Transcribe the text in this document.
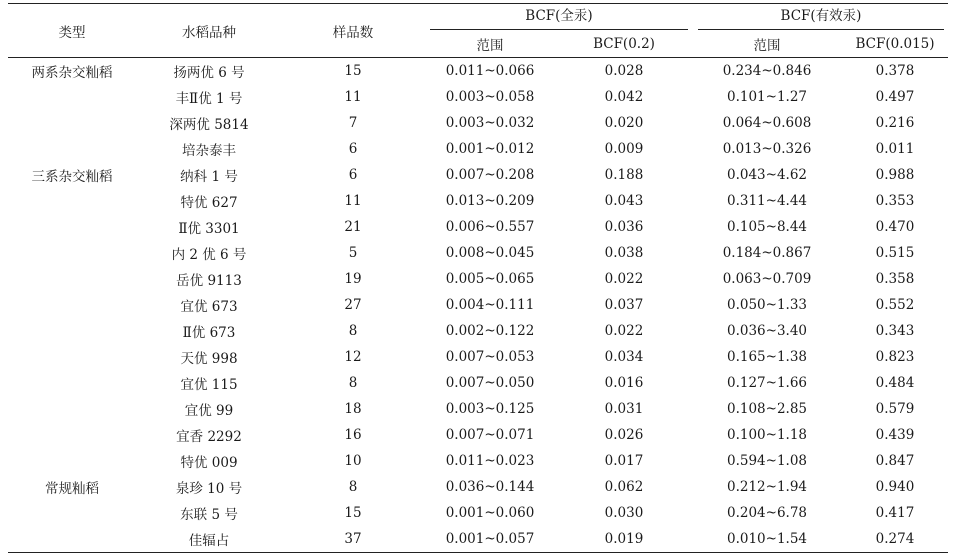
类型	水稻品种	样品数	BCF(全汞)		BCF(有效汞)	

			范围	BCF(0.2)	范围	BCF(0.015)
两系杂交籼稻	扬两优 6 号	15	0.011~0.066	0.028	0.234~0.846	0.378
	丰Ⅱ优 1 号	11	0.003~0.058	0.042	0.101~1.27	0.497
	深两优 5814	7	0.003~0.032	0.020	0.064~0.608	0.216
	培杂泰丰	6	0.001~0.012	0.009	0.013~0.326	0.011
三系杂交籼稻	纳科 1 号	6	0.007~0.208	0.188	0.043~4.62	0.988
	特优 627	11	0.013~0.209	0.043	0.311~4.44	0.353
	Ⅱ优 3301	21	0.006~0.557	0.036	0.105~8.44	0.470
	内 2 优 6 号	5	0.008~0.045	0.038	0.184~0.867	0.515
	岳优 9113	19	0.005~0.065	0.022	0.063~0.709	0.358
	宜优 673	27	0.004~0.111	0.037	0.050~1.33	0.552
	Ⅱ优 673	8	0.002~0.122	0.022	0.036~3.40	0.343
	天优 998	12	0.007~0.053	0.034	0.165~1.38	0.823
	宜优 115	8	0.007~0.050	0.016	0.127~1.66	0.484
	宜优 99	18	0.003~0.125	0.031	0.108~2.85	0.579
	宜香 2292	16	0.007~0.071	0.026	0.100~1.18	0.439
	特优 009	10	0.011~0.023	0.017	0.594~1.08	0.847
常规籼稻	泉珍 10 号	8	0.036~0.144	0.062	0.212~1.94	0.940
	东联 5 号	15	0.001~0.060	0.030	0.204~6.78	0.417
	佳辐占	37	0.001~0.057	0.019	0.010~1.54	0.274
